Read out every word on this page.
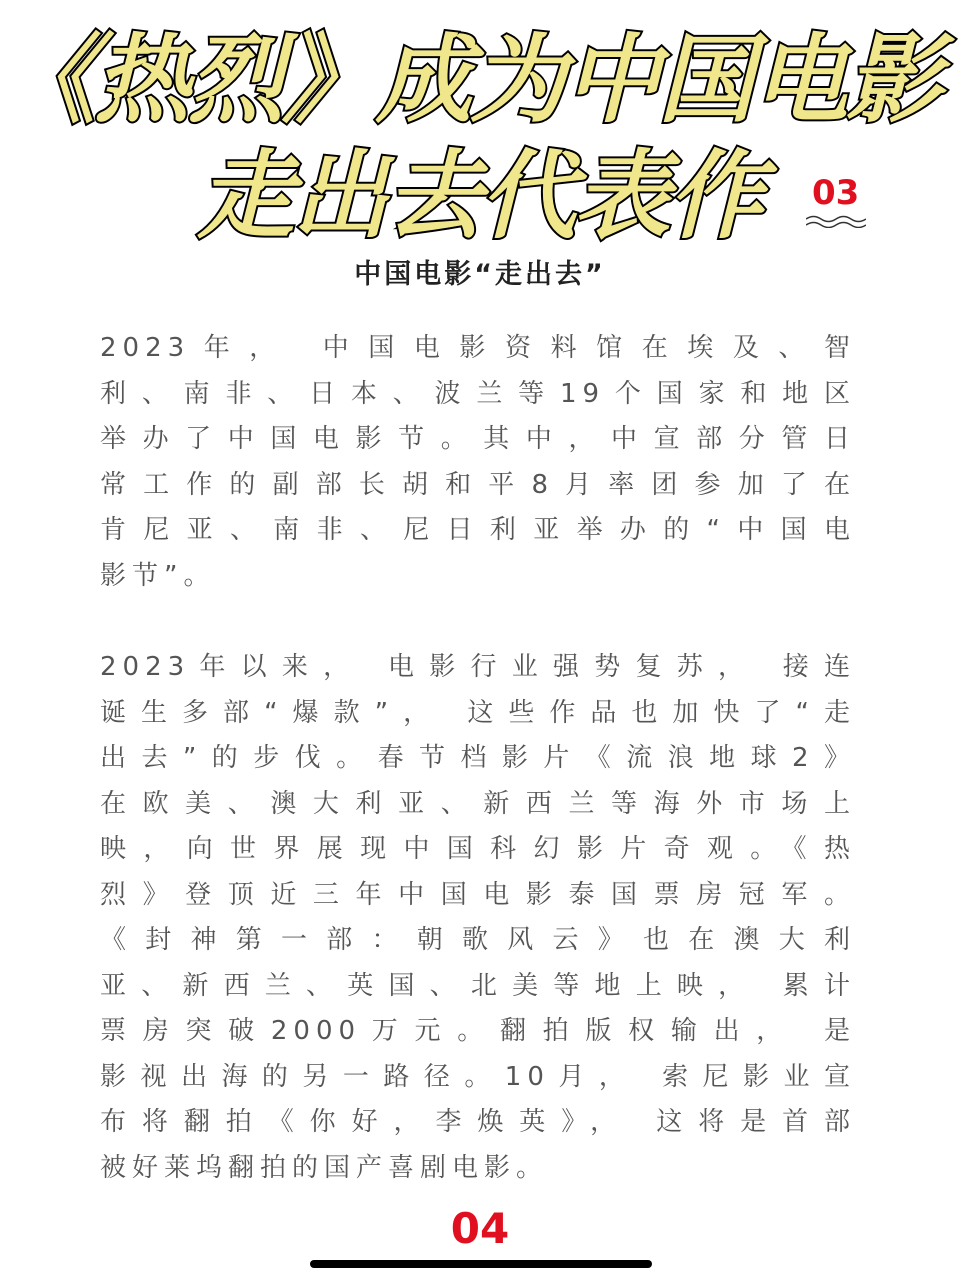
《热烈》成为中国电影
走出去代表作	03
中国电影“走出去”
2023年， 中国电影资料馆在埃及、智
利、南非、日本、波兰等19个国家和地区
举办了中国电影节。其中，中宣部分管日
常工作的副部长胡和平8月率团参加了在
肯尼亚、南非、尼日利亚举办的“中国电
影节”。
2023年以来， 电影行业强势复苏， 接连
诞生多部“爆款”， 这些作品也加快了“走
出去”的步伐。春节档影片《流浪地球2》
在欧美、澳大利亚、新西兰等海外市场上
映，向世界展现中国科幻影片奇观。《热
烈》登顶近三年中国电影泰国票房冠军。
《封神第一部：朝歌风云》也在澳大利
亚、新西兰、英国、北美等地上映， 累计
票房突破2000万元。翻拍版权输出， 是
影视出海的另一路径。10月， 索尼影业宣
布将翻拍《你好，李焕英》， 这将是首部
被好莱坞翻拍的国产喜剧电影。
04
